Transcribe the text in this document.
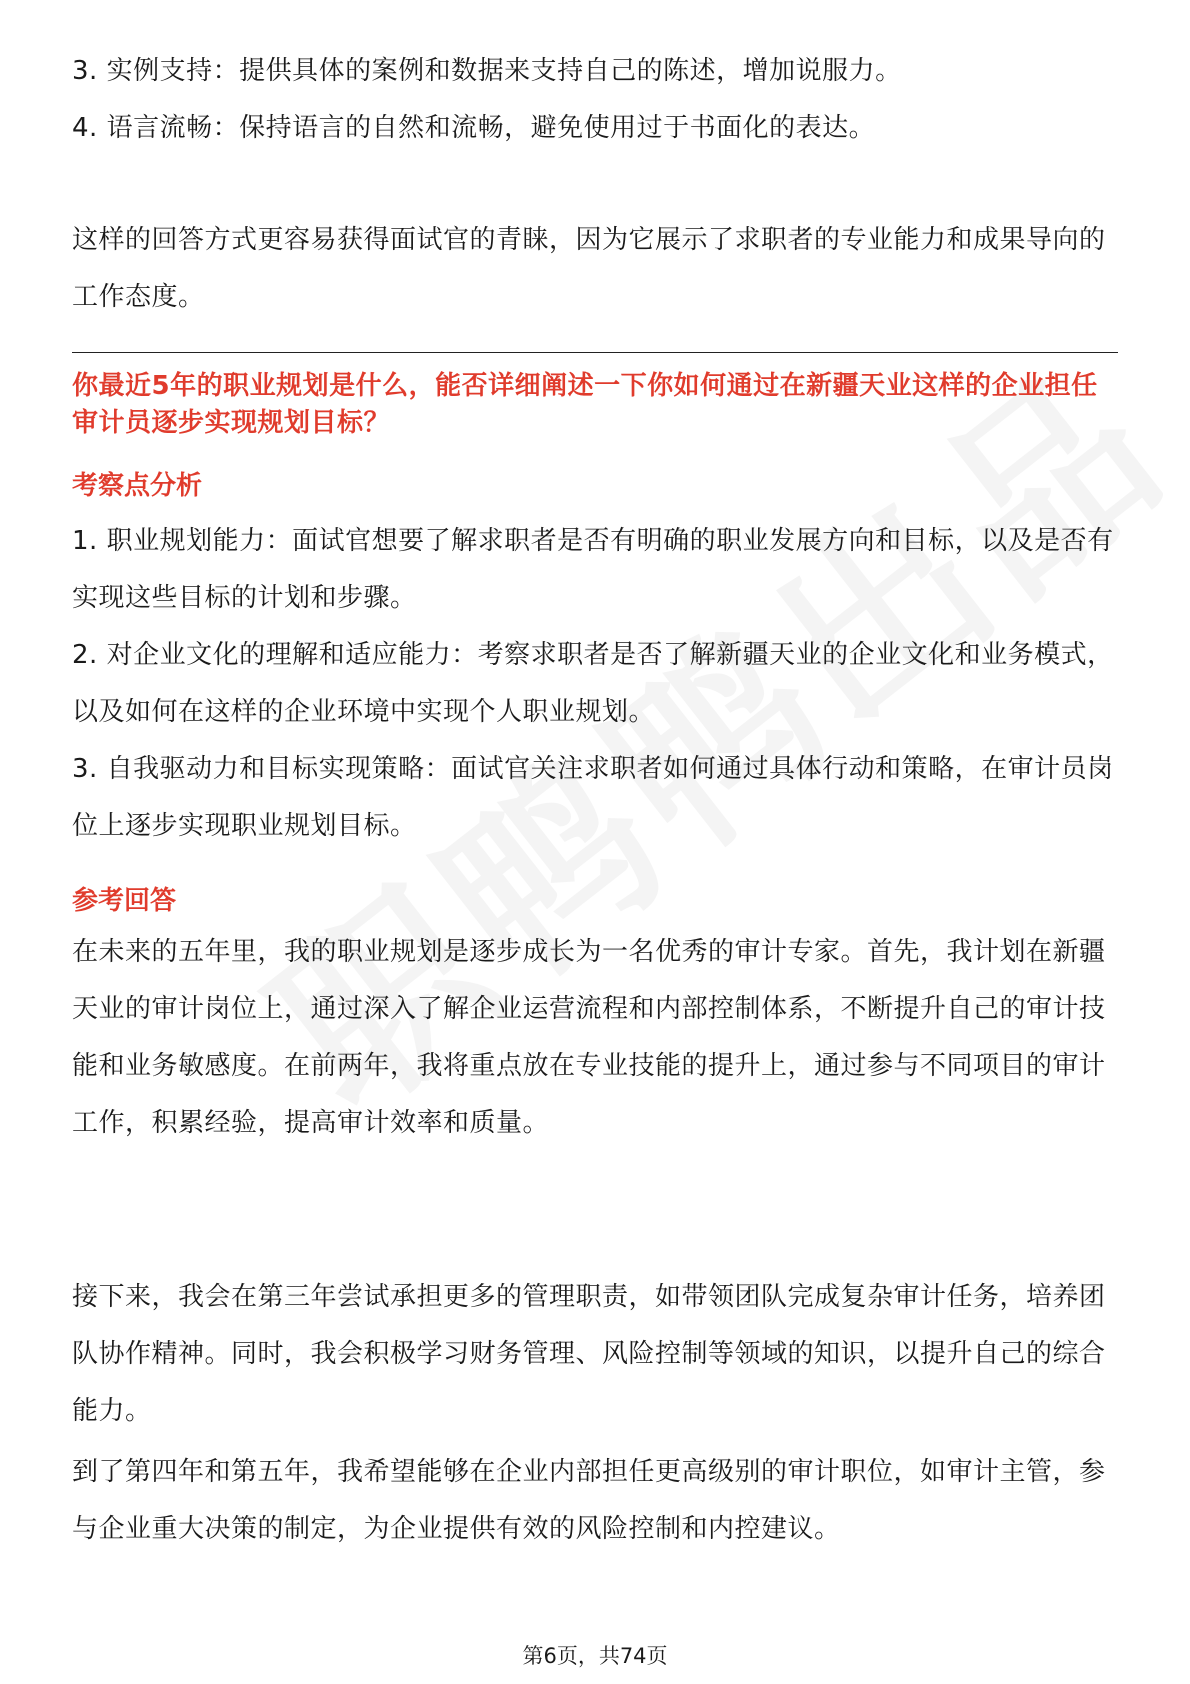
3. 实例支持：提供具体的案例和数据来支持自己的陈述，增加说服力。

4. 语言流畅：保持语言的自然和流畅，避免使用过于书面化的表达。

这样的回答方式更容易获得面试官的青睐，因为它展示了求职者的专业能力和成果导向的工作态度。

你最近5年的职业规划是什么，能否详细阐述一下你如何通过在新疆天业这样的企业担任审计员逐步实现规划目标？

考察点分析

1. 职业规划能力：面试官想要了解求职者是否有明确的职业发展方向和目标，以及是否有实现这些目标的计划和步骤。

2. 对企业文化的理解和适应能力：考察求职者是否了解新疆天业的企业文化和业务模式，以及如何在这样的企业环境中实现个人职业规划。

3. 自我驱动力和目标实现策略：面试官关注求职者如何通过具体行动和策略，在审计员岗位上逐步实现职业规划目标。

参考回答

在未来的五年里，我的职业规划是逐步成长为一名优秀的审计专家。首先，我计划在新疆天业的审计岗位上，通过深入了解企业运营流程和内部控制体系，不断提升自己的审计技能和业务敏感度。在前两年，我将重点放在专业技能的提升上，通过参与不同项目的审计工作，积累经验，提高审计效率和质量。

接下来，我会在第三年尝试承担更多的管理职责，如带领团队完成复杂审计任务，培养团队协作精神。同时，我会积极学习财务管理、风险控制等领域的知识，以提升自己的综合能力。

到了第四年和第五年，我希望能够在企业内部担任更高级别的审计职位，如审计主管，参与企业重大决策的制定，为企业提供有效的风险控制和内控建议。

第6页，共74页
